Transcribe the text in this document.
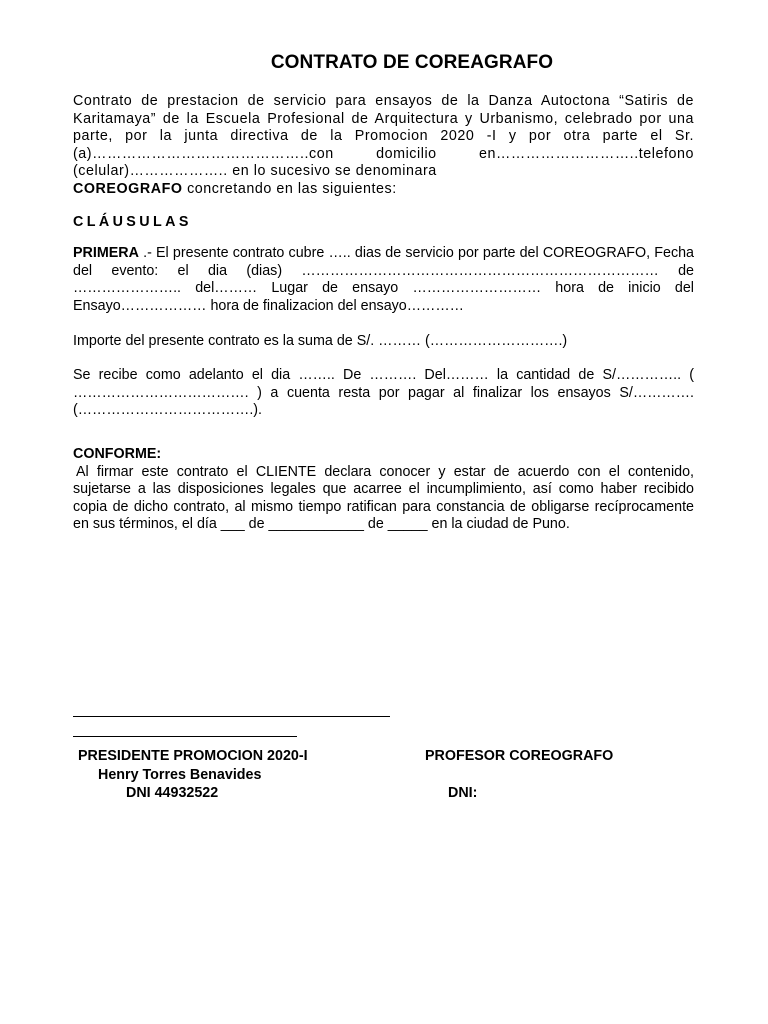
CONTRATO DE COREAGRAFO

Contrato de prestacion de servicio para ensayos de la Danza Autoctona “Satiris de Karitamaya” de la Escuela Profesional de Arquitectura y Urbanismo, celebrado por una parte, por la junta directiva de la Promocion 2020 -I y por otra parte el Sr.(a)……………………………………..con domicilio en………………………..telefono (celular)……………….. en lo sucesivo se denominara
COREOGRAFO concretando en las siguientes:

CLÁUSULAS

PRIMERA .- El presente contrato cubre ….. dias de servicio por parte del COREOGRAFO, Fecha del evento: el dia (dias) ………………………………………………………………… de ………………….. del……… Lugar de ensayo ……………………… hora de inicio del Ensayo……………… hora de finalizacion del ensayo…………

Importe del presente contrato es la suma de S/. ……… (……………………….)

Se recibe como adelanto el dia …….. De ………. Del……… la cantidad de S/………….. ( ………………………………. ) a cuenta resta por pagar al finalizar los ensayos S/…………. (……………………………….).

CONFORME:

Al firmar este contrato el CLIENTE declara conocer y estar de acuerdo con el contenido, sujetarse a las disposiciones legales que acarree el incumplimiento, así como haber recibido copia de dicho contrato, al mismo tiempo ratifican para constancia de obligarse recíprocamente en sus términos, el día ___ de ____________ de _____ en la ciudad de Puno.

PRESIDENTE PROMOCION 2020-I
Henry Torres Benavides
DNI 44932522
PROFESOR COREOGRAFO
DNI:
